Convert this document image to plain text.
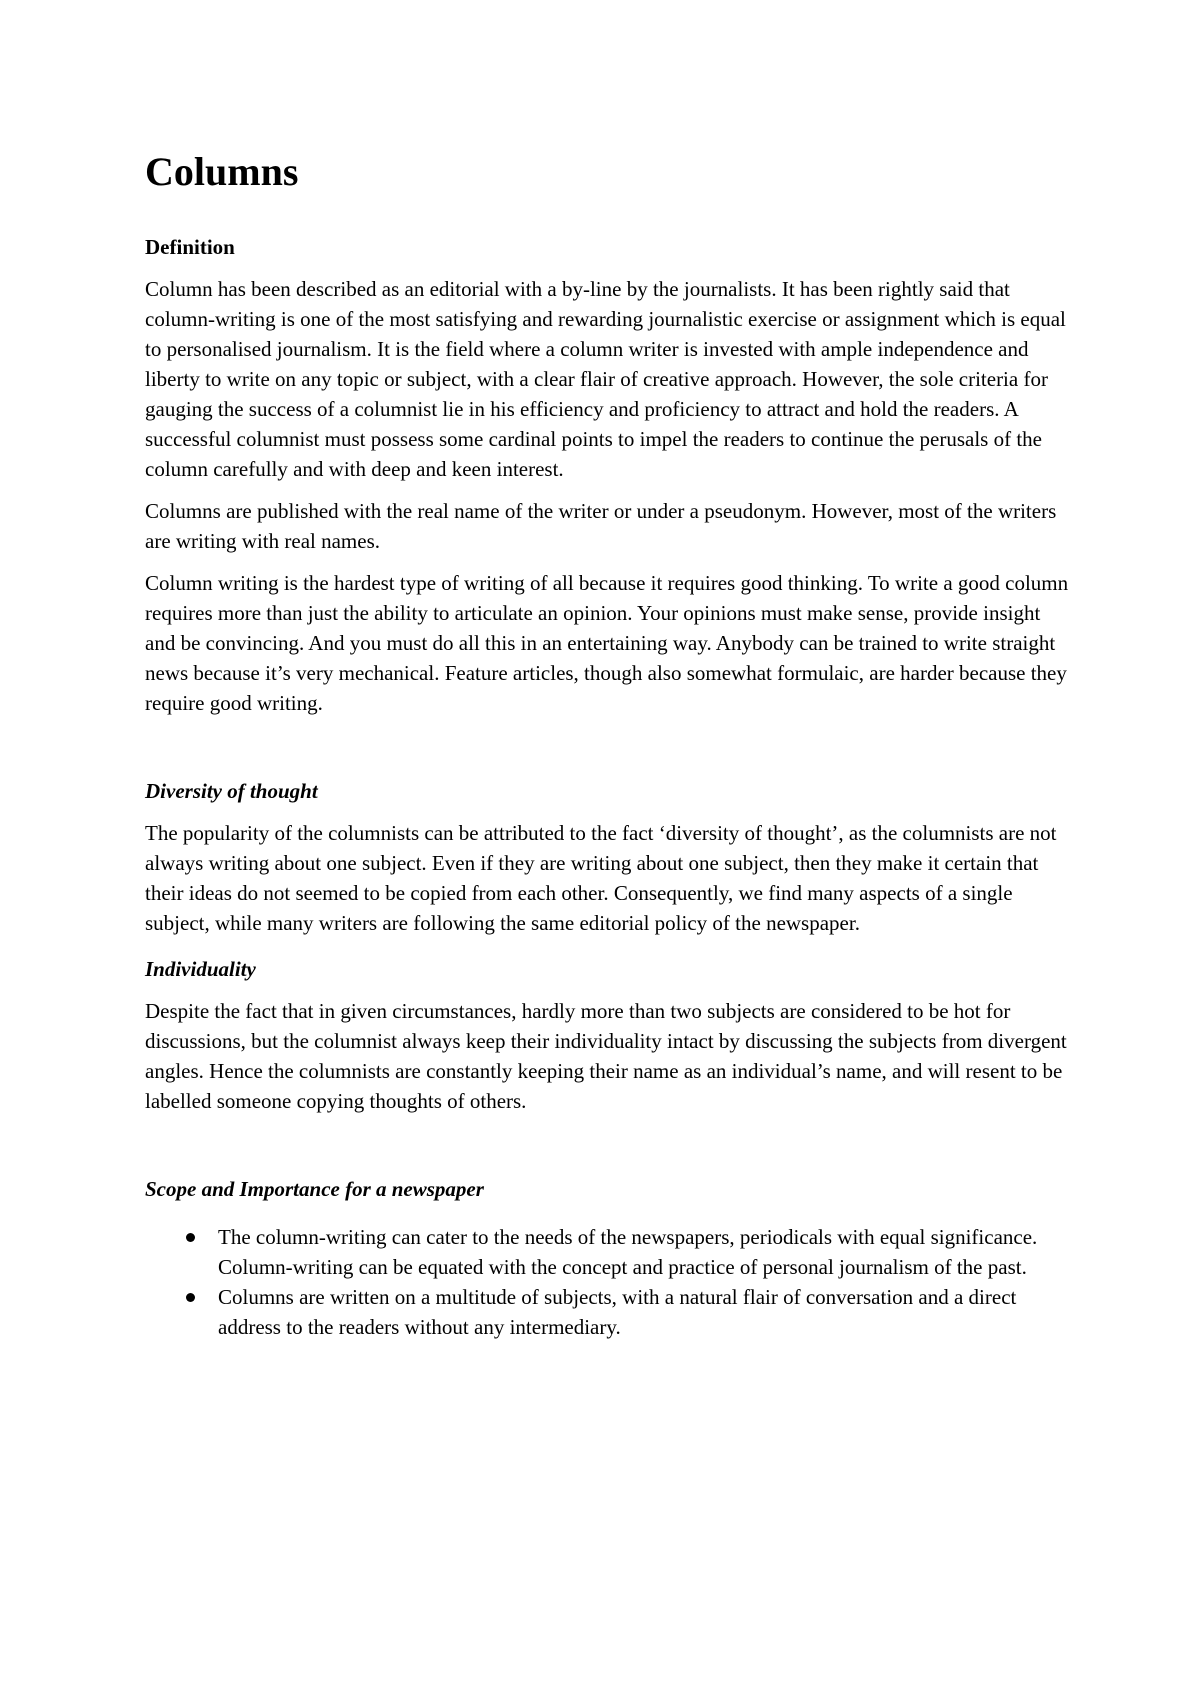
Columns
Definition

Column has been described as an editorial with a by-line by the journalists. It has been rightly said that column-writing is one of the most satisfying and rewarding journalistic exercise or assignment which is equal to personalised journalism. It is the field where a column writer is invested with ample independence and liberty to write on any topic or subject, with a clear flair of creative approach. However, the sole criteria for gauging the success of a columnist lie in his efficiency and proficiency to attract and hold the readers. A successful columnist must possess some cardinal points to impel the readers to continue the perusals of the column carefully and with deep and keen interest.

Columns are published with the real name of the writer or under a pseudonym. However, most of the writers are writing with real names.

Column writing is the hardest type of writing of all because it requires good thinking. To write a good column requires more than just the ability to articulate an opinion. Your opinions must make sense, provide insight and be convincing. And you must do all this in an entertaining way. Anybody can be trained to write straight news because it’s very mechanical. Feature articles, though also somewhat formulaic, are harder because they require good writing.

Diversity of thought

The popularity of the columnists can be attributed to the fact ‘diversity of thought’, as the columnists are not always writing about one subject. Even if they are writing about one subject, then they make it certain that their ideas do not seemed to be copied from each other. Consequently, we find many aspects of a single subject, while many writers are following the same editorial policy of the newspaper.

Individuality

Despite the fact that in given circumstances, hardly more than two subjects are considered to be hot for discussions, but the columnist always keep their individuality intact by discussing the subjects from divergent angles. Hence the columnists are constantly keeping their name as an individual’s name, and will resent to be labelled someone copying thoughts of others.

Scope and Importance for a newspaper
The column-writing can cater to the needs of the newspapers, periodicals with equal significance. Column-writing can be equated with the concept and practice of personal journalism of the past.
Columns are written on a multitude of subjects, with a natural flair of conversation and a direct address to the readers without any intermediary.
